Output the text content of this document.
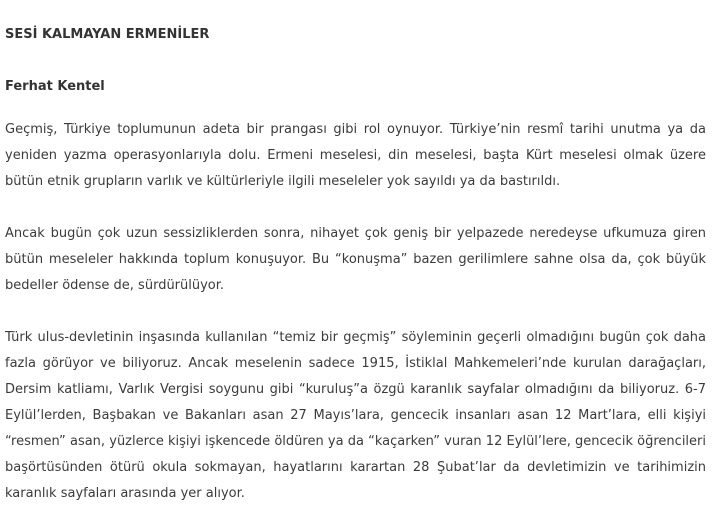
SESİ KALMAYAN ERMENİLER
Ferhat Kentel

Geçmiş, Türkiye toplumunun adeta bir prangası gibi rol oynuyor. Türkiye’nin resmî tarihi unutma ya da yeniden yazma operasyonlarıyla dolu. Ermeni meselesi, din meselesi, başta Kürt meselesi olmak üzere bütün etnik grupların varlık ve kültürleriyle ilgili meseleler yok sayıldı ya da bastırıldı.

Ancak bugün çok uzun sessizliklerden sonra, nihayet çok geniş bir yelpazede neredeyse ufkumuza giren bütün meseleler hakkında toplum konuşuyor. Bu “konuşma” bazen gerilimlere sahne olsa da, çok büyük bedeller ödense de, sürdürülüyor.

Türk ulus-devletinin inşasında kullanılan “temiz bir geçmiş” söyleminin geçerli olmadığını bugün çok daha fazla görüyor ve biliyoruz. Ancak meselenin sadece 1915, İstiklal Mahkemeleri’nde kurulan darağaçları, Dersim katliamı, Varlık Vergisi soygunu gibi “kuruluş”a özgü karanlık sayfalar olmadığını da biliyoruz. 6-7 Eylül’lerden, Başbakan ve Bakanları asan 27 Mayıs’lara, gencecik insanları asan 12 Mart’lara, elli kişiyi “resmen” asan, yüzlerce kişiyi işkencede öldüren ya da “kaçarken” vuran 12 Eylül’lere, gencecik öğrencileri başörtüsünden ötürü okula sokmayan, hayatlarını karartan 28 Şubat’lar da devletimizin ve tarihimizin karanlık sayfaları arasında yer alıyor.
